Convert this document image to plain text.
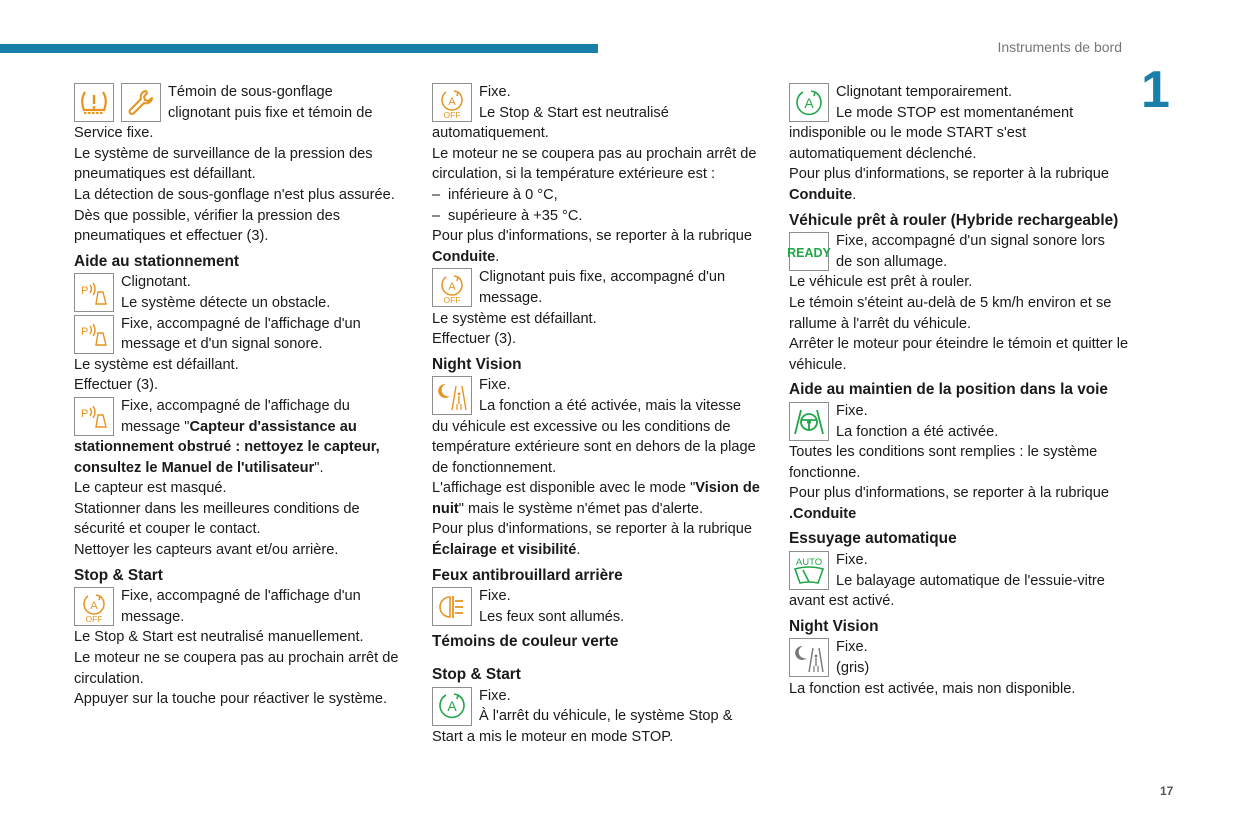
Instruments de bord
1
17

Témoin de sous-gonflage

clignotant puis fixe et témoin de

Service fixe.

Le système de surveillance de la pression des pneumatiques est défaillant.

La détection de sous-gonflage n'est plus assurée.

Dès que possible, vérifier la pression des pneumatiques et effectuer (3).

Aide au stationnement
P

Clignotant.

Le système détecte un obstacle.

P

Fixe, accompagné de l'affichage d'un

message et d'un signal sonore.

Le système est défaillant.

Effectuer (3).

P

Fixe, accompagné de l'affichage du

message "Capteur d'assistance au

stationnement obstrué : nettoyez le capteur, consultez le Manuel de l'utilisateur".

Le capteur est masqué.

Stationner dans les meilleures conditions de sécurité et couper le contact.

Nettoyer les capteurs avant et/ou arrière.

Stop & Start
A
OFF

Fixe, accompagné de l'affichage d'un

message.

Le Stop & Start est neutralisé manuellement.

Le moteur ne se coupera pas au prochain arrêt de circulation.

Appuyer sur la touche pour réactiver le système.

A
OFF

Fixe.

Le Stop & Start est neutralisé

automatiquement.

Le moteur ne se coupera pas au prochain arrêt de circulation, si la température extérieure est :

– inférieure à 0 °C,

– supérieure à +35 °C.

Pour plus d'informations, se reporter à la rubrique Conduite.

A
OFF

Clignotant puis fixe, accompagné d'un

message.

Le système est défaillant.

Effectuer (3).

Night Vision

Fixe.

La fonction a été activée, mais la vitesse

du véhicule est excessive ou les conditions de température extérieure sont en dehors de la plage de fonctionnement.

L'affichage est disponible avec le mode "Vision de nuit" mais le système n'émet pas d'alerte.

Pour plus d'informations, se reporter à la rubrique Éclairage et visibilité.

Feux antibrouillard arrière

Fixe.

Les feux sont allumés.

Témoins de couleur verte
Stop & Start
A

Fixe.

À l'arrêt du véhicule, le système Stop &

Start a mis le moteur en mode STOP.

A

Clignotant temporairement.

Le mode STOP est momentanément

indisponible ou le mode START s'est automatiquement déclenché.

Pour plus d'informations, se reporter à la rubrique Conduite.

Véhicule prêt à rouler (Hybride rechargeable)
READY

Fixe, accompagné d'un signal sonore lors

de son allumage.

Le véhicule est prêt à rouler.

Le témoin s'éteint au-delà de 5 km/h environ et se rallume à l'arrêt du véhicule.

Arrêter le moteur pour éteindre le témoin et quitter le véhicule.

Aide au maintien de la position dans la voie

Fixe.

La fonction a été activée.

Toutes les conditions sont remplies : le système fonctionne.

Pour plus d'informations, se reporter à la rubrique .Conduite

Essuyage automatique
AUTO Fixe.

Le balayage automatique de l'essuie-vitre

avant est activé.

Night Vision

Fixe.

(gris)

La fonction est activée, mais non disponible.
